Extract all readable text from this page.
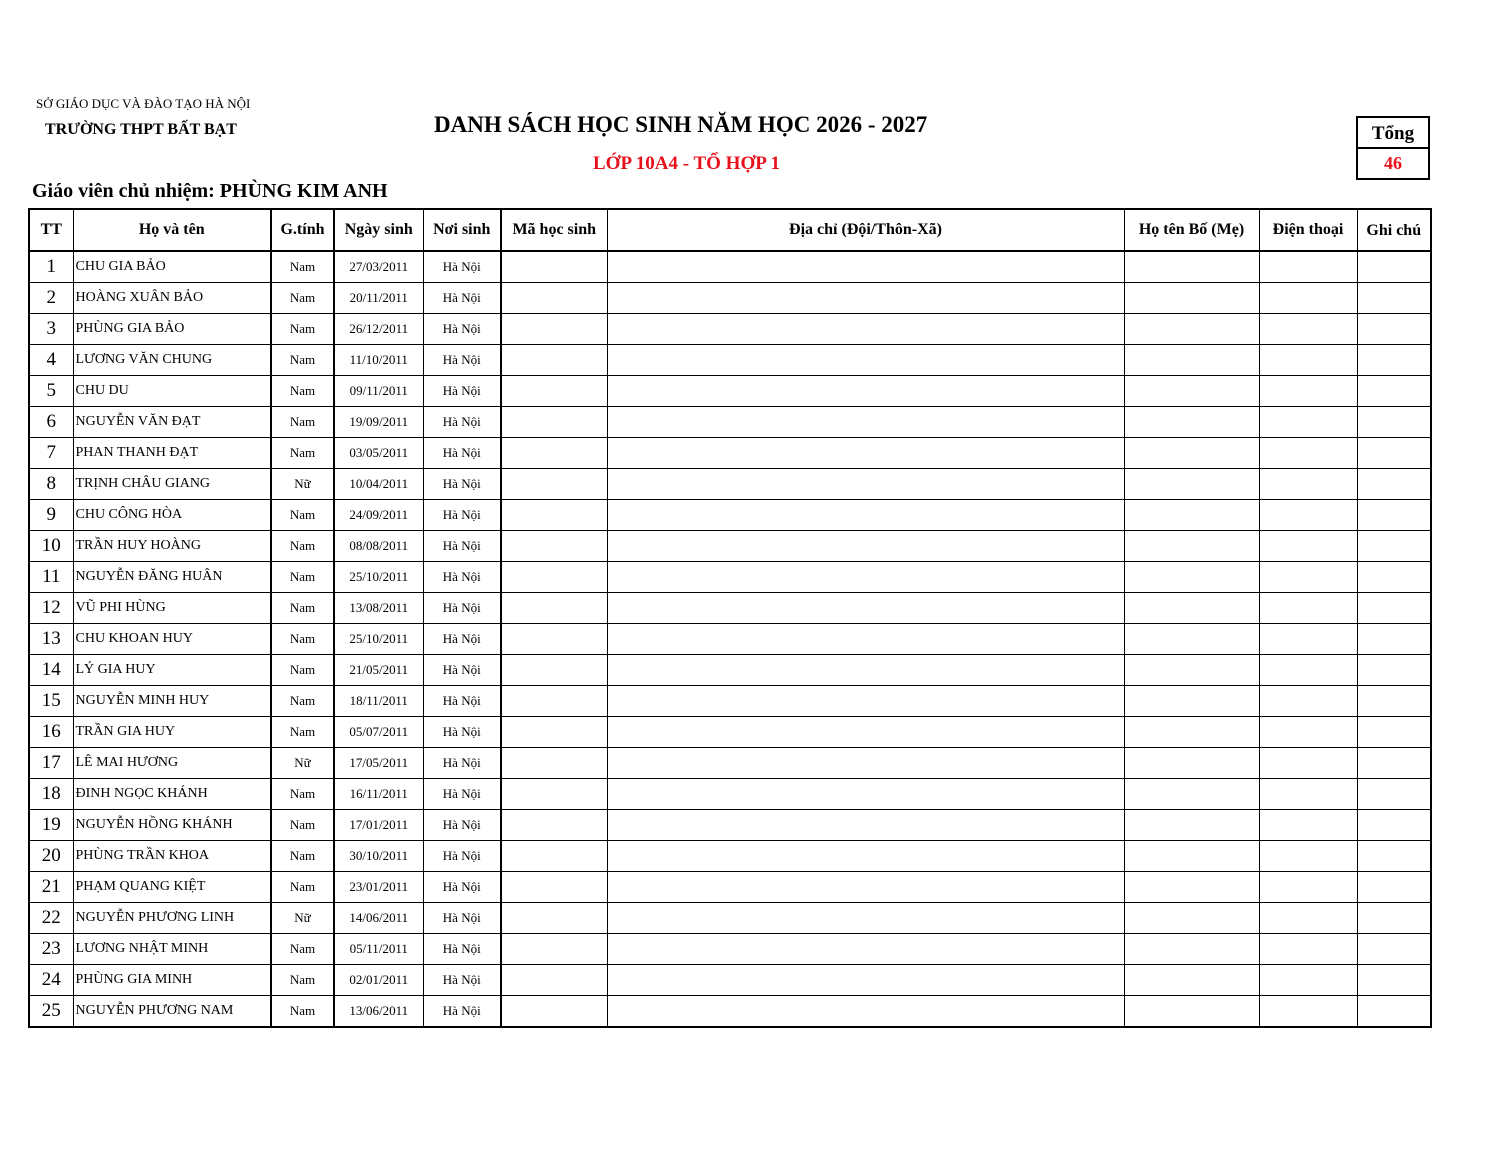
SỞ GIÁO DỤC VÀ ĐÀO TẠO HÀ NỘI
TRƯỜNG THPT BẤT BẠT	DANH SÁCH HỌC SINH NĂM HỌC 2026 - 2027
LỚP 10A4 - TỔ HỢP 1
Giáo viên chủ nhiệm: PHÙNG KIM ANH
Tổng
46
TT	Họ và tên	G.tính	Ngày sinh	Nơi sinh	Mã học sinh	Địa chỉ (Đội/Thôn-Xã)	Họ tên Bố (Mẹ)	Điện thoại	Ghi chú
1	CHU GIA BẢO	Nam	27/03/2011	Hà Nội					
2	HOÀNG XUÂN BẢO	Nam	20/11/2011	Hà Nội					
3	PHÙNG GIA BẢO	Nam	26/12/2011	Hà Nội					
4	LƯƠNG VĂN CHUNG	Nam	11/10/2011	Hà Nội					
5	CHU DU	Nam	09/11/2011	Hà Nội					
6	NGUYỄN VĂN ĐẠT	Nam	19/09/2011	Hà Nội					
7	PHAN THANH ĐẠT	Nam	03/05/2011	Hà Nội					
8	TRỊNH CHÂU GIANG	Nữ	10/04/2011	Hà Nội					
9	CHU CÔNG HÒA	Nam	24/09/2011	Hà Nội					
10	TRẦN HUY HOÀNG	Nam	08/08/2011	Hà Nội					
11	NGUYỄN ĐĂNG HUÂN	Nam	25/10/2011	Hà Nội					
12	VŨ PHI HÙNG	Nam	13/08/2011	Hà Nội					
13	CHU KHOAN HUY	Nam	25/10/2011	Hà Nội					
14	LÝ GIA HUY	Nam	21/05/2011	Hà Nội					
15	NGUYỄN MINH HUY	Nam	18/11/2011	Hà Nội					
16	TRẦN GIA HUY	Nam	05/07/2011	Hà Nội					
17	LÊ MAI HƯƠNG	Nữ	17/05/2011	Hà Nội					
18	ĐINH NGỌC KHÁNH	Nam	16/11/2011	Hà Nội					
19	NGUYỄN HỒNG KHÁNH	Nam	17/01/2011	Hà Nội					
20	PHÙNG TRẦN KHOA	Nam	30/10/2011	Hà Nội					
21	PHẠM QUANG KIỆT	Nam	23/01/2011	Hà Nội					
22	NGUYỄN PHƯƠNG LINH	Nữ	14/06/2011	Hà Nội					
23	LƯƠNG NHẬT MINH	Nam	05/11/2011	Hà Nội					
24	PHÙNG GIA MINH	Nam	02/01/2011	Hà Nội					
25	NGUYỄN PHƯƠNG NAM	Nam	13/06/2011	Hà Nội					
